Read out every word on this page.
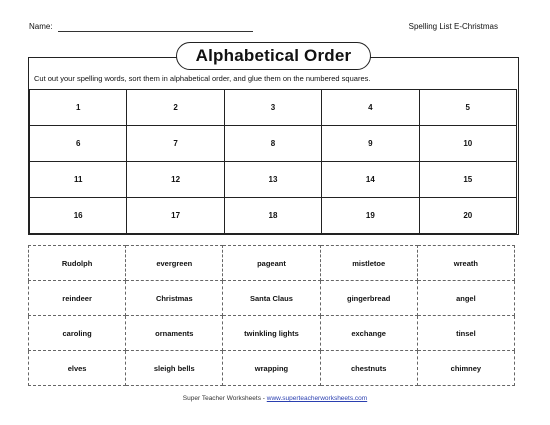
Name:	Spelling List E-Christmas
Alphabetical Order
Cut out your spelling words, sort them in alphabetical order, and glue them on the numbered squares.
1	2	3	4	5
6	7	8	9	10
11	12	13	14	15
16	17	18	19	20
Rudolph	evergreen	pageant	mistletoe	wreath
reindeer	Christmas	Santa Claus	gingerbread	angel
caroling	ornaments	twinkling lights	exchange	tinsel
elves	sleigh bells	wrapping	chestnuts	chimney
Super Teacher Worksheets - www.superteacherworksheets.com
